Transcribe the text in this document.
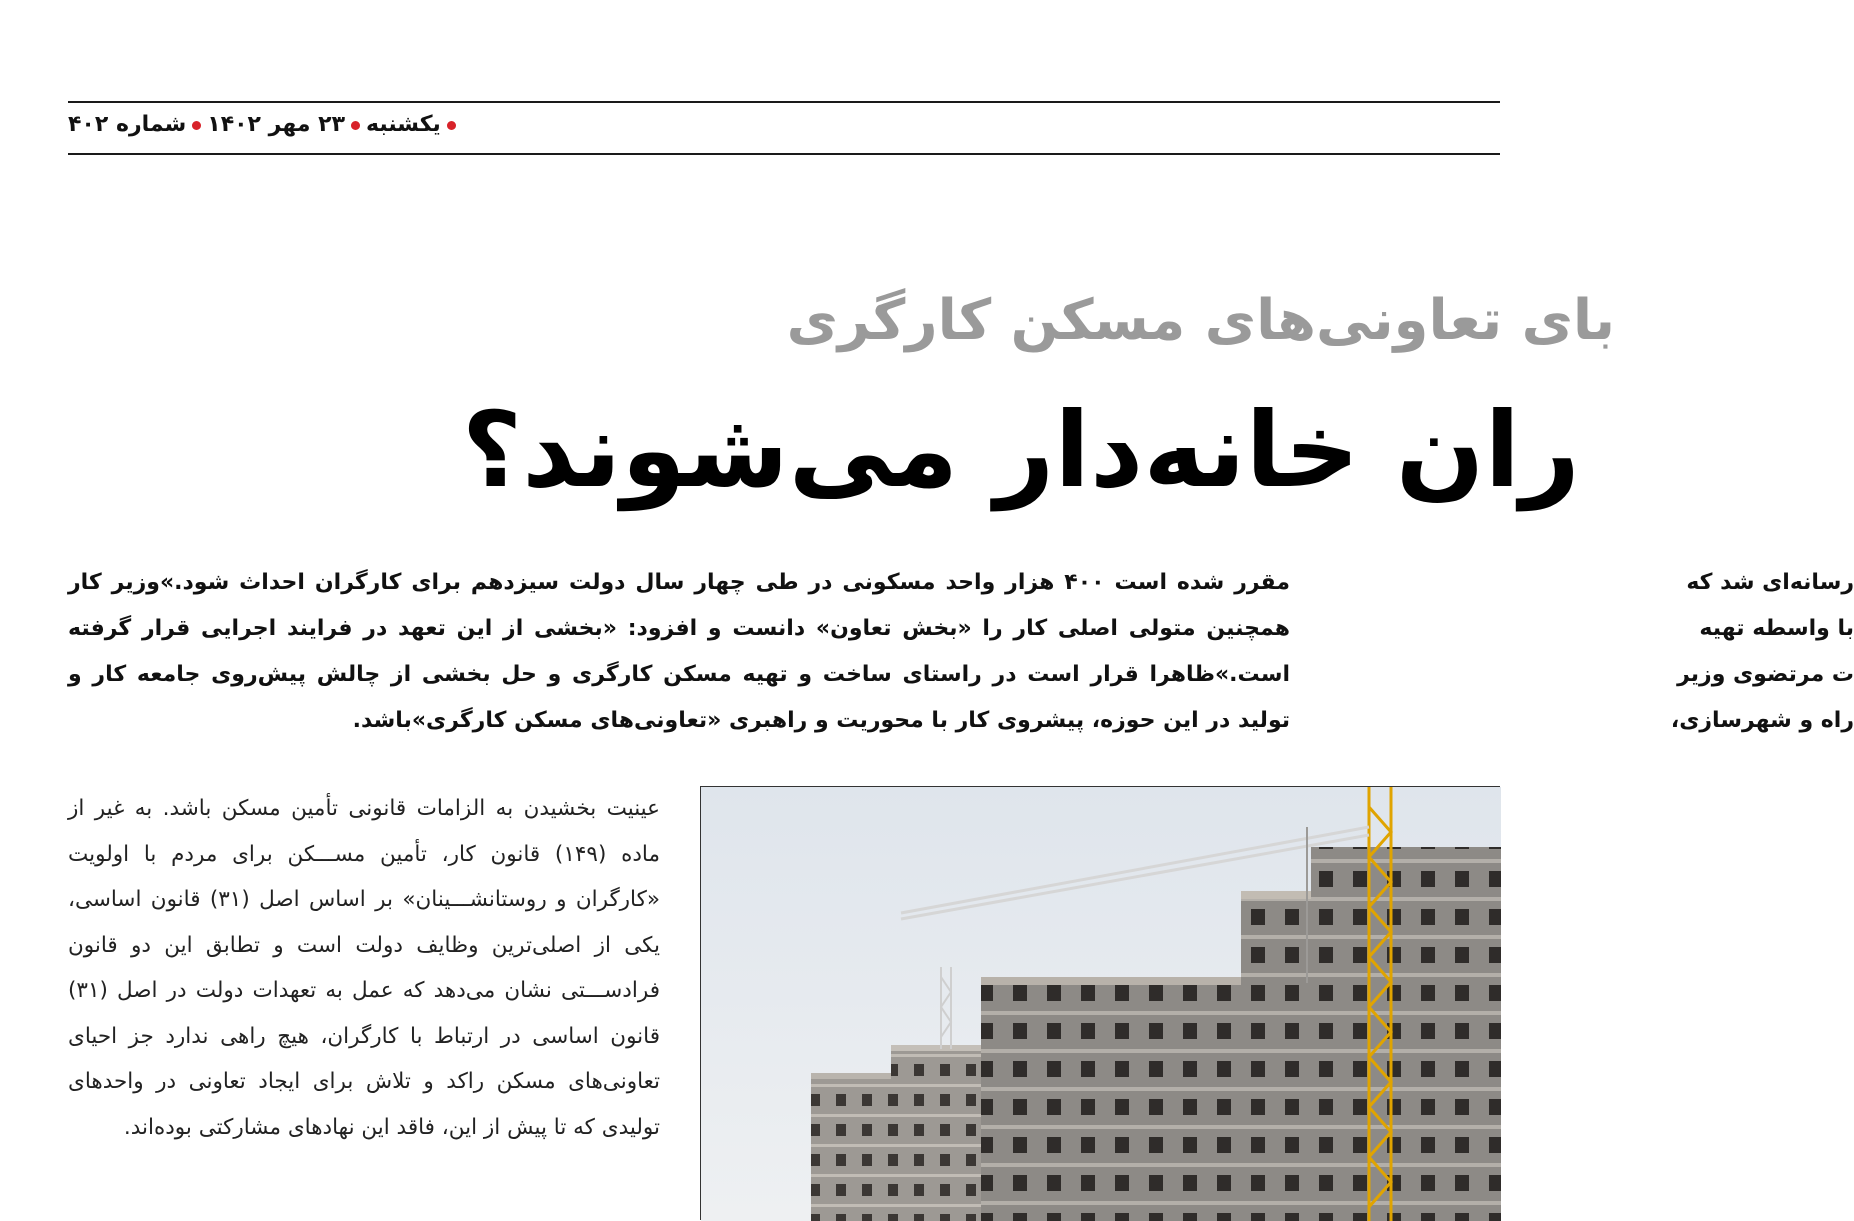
یکشنبه۲۳ مهر ۱۴۰۲شماره ۴۰۲
بای تعاونی‌های مسکن کارگری
ران خانه‌دار می‌شوند؟
مقرر شده است ۴۰۰ هزار واحد مسکونی در طی چهار سال دولت سیزدهم برای کارگران احداث شود.»وزیر کار همچنین متولی اصلی کار را «بخش تعاون» دانست و افزود: «بخشی از این تعهد در فرایند اجرایی قرار گرفته است.»ظاهرا قرار است در راستای ساخت و تهیه مسکن کارگری و حل بخشی از چالش پیش‌روی جامعه کار و تولید در این حوزه، پیشروی کار با محوریت و راهبری «تعاونی‌های مسکن کارگری»باشد.

رسانه‌ای شد که

با واسطه تهیه

ت مرتضوی وزیر

راه و شهرسازی،

عینیت بخشیدن به الزامات قانونی تأمین مسکن باشد. به غیر از ماده (۱۴۹) قانون کار، تأمین مســـکن برای مردم با اولویت «کارگران و روستانشـــینان» بر اساس اصل (۳۱) قانون اساسی، یکی از اصلی‌ترین وظایف دولت است و تطابق این دو قانون فرادســـتی نشان می‌دهد که عمل به تعهدات دولت در اصل (۳۱) قانون اساسی در ارتباط با کارگران، هیچ راهی ندارد جز احیای تعاونی‌های مسکن راکد و تلاش برای ایجاد تعاونی در واحدهای تولیدی که تا پیش از این، فاقد این نهادهای مشارکتی بوده‌اند.
